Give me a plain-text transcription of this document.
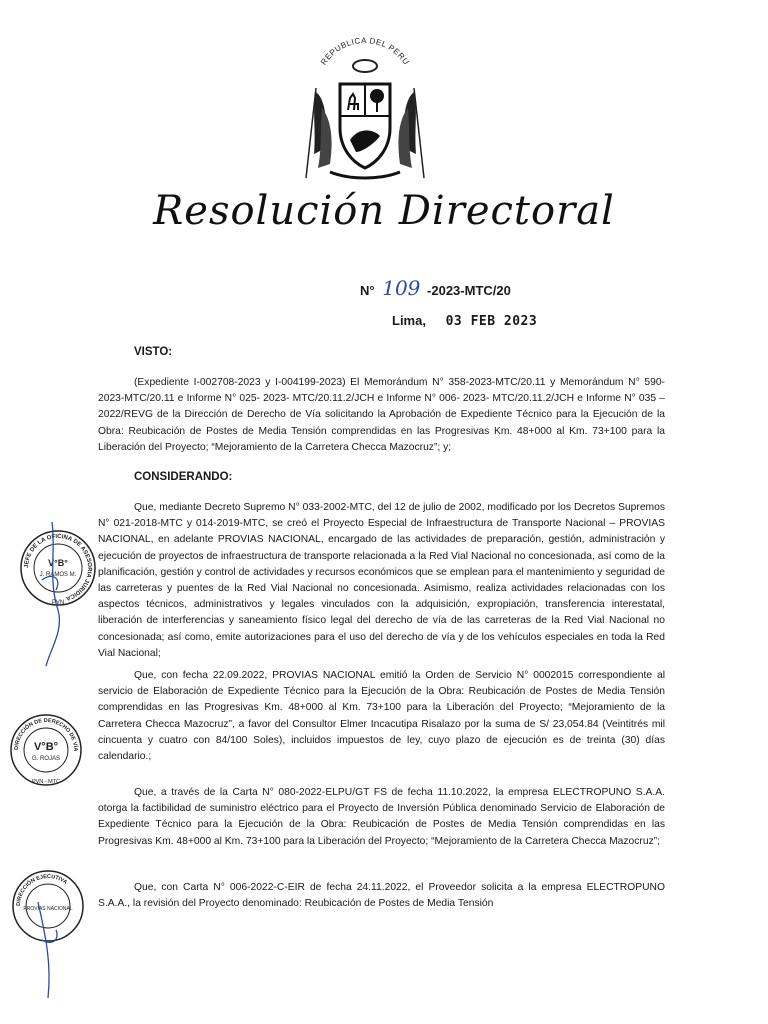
REPUBLICA DEL PERU
Resolución Directoral
N° 109 -2023-MTC/20
Lima, 03 FEB 2023
VISTO:

(Expediente I-002708-2023 y I-004199-2023) El Memorándum N° 358-2023-MTC/20.11 y Memorándum N° 590-2023-MTC/20.11 e Informe N° 025- 2023- MTC/20.11.2/JCH e Informe N° 006- 2023- MTC/20.11.2/JCH e Informe N° 035 – 2022/REVG de la Dirección de Derecho de Vía solicitando la Aprobación de Expediente Técnico para la Ejecución de la Obra: Reubicación de Postes de Media Tensión comprendidas en las Progresivas Km. 48+000 al Km. 73+100 para la Liberación del Proyecto; “Mejoramiento de la Carretera Checca Mazocruz”; y;

CONSIDERANDO:

Que, mediante Decreto Supremo N° 033-2002-MTC, del 12 de julio de 2002, modificado por los Decretos Supremos N° 021-2018-MTC y 014-2019-MTC, se creó el Proyecto Especial de Infraestructura de Transporte Nacional – PROVIAS NACIONAL, en adelante PROVIAS NACIONAL, encargado de las actividades de preparación, gestión, administración y ejecución de proyectos de infraestructura de transporte relacionada a la Red Vial Nacional no concesionada, así como de la planificación, gestión y control de actividades y recursos económicos que se emplean para el mantenimiento y seguridad de las carreteras y puentes de la Red Vial Nacional no concesionada. Asimismo, realiza actividades relacionadas con los aspectos técnicos, administrativos y legales vinculados con la adquisición, expropiación, transferencia interestatal, liberación de interferencias y saneamiento físico legal del derecho de vía de las carreteras de la Red Vial Nacional no concesionada; así como, emite autorizaciones para el uso del derecho de vía y de los vehículos especiales en toda la Red Vial Nacional;

Que, con fecha 22.09.2022, PROVIAS NACIONAL emitió la Orden de Servicio N° 0002015 correspondiente al servicio de Elaboración de Expediente Técnico para la Ejecución de la Obra: Reubicación de Postes de Media Tensión comprendidas en las Progresivas Km. 48+000 al Km. 73+100 para la Liberación del Proyecto; “Mejoramiento de la Carretera Checca Mazocruz”, a favor del Consultor Elmer Incacutipa Risalazo por la suma de S/ 23,054.84 (Veintitrés mil cincuenta y cuatro con 84/100 Soles), incluidos impuestos de ley, cuyo plazo de ejecución es de treinta (30) días calendario.;

Que, a través de la Carta N° 080-2022-ELPU/GT FS de fecha 11.10.2022, la empresa ELECTROPUNO S.A.A. otorga la factibilidad de suministro eléctrico para el Proyecto de Inversión Pública denominado Servicio de Elaboración de Expediente Técnico para la Ejecución de la Obra: Reubicación de Postes de Media Tensión comprendidas en las Progresivas Km. 48+000 al Km. 73+100 para la Liberación del Proyecto; “Mejoramiento de la Carretera Checca Mazocruz”;

Que, con Carta N° 006-2022-C-EIR de fecha 24.11.2022, el Proveedor solicita a la empresa ELECTROPUNO S.A.A., la revisión del Proyecto denominado: Reubicación de Postes de Media Tensión

JEFE DE LA OFICINA DE ASESORIA JURIDICA
V°B°
J. RAMOS M.
PVN
DIRECCIÓN DE DERECHO DE VÍA
V°B°
G. ROJAS
PVN - MTC
DIRECCIÓN EJECUTIVA
PROVIAS NACIONAL
